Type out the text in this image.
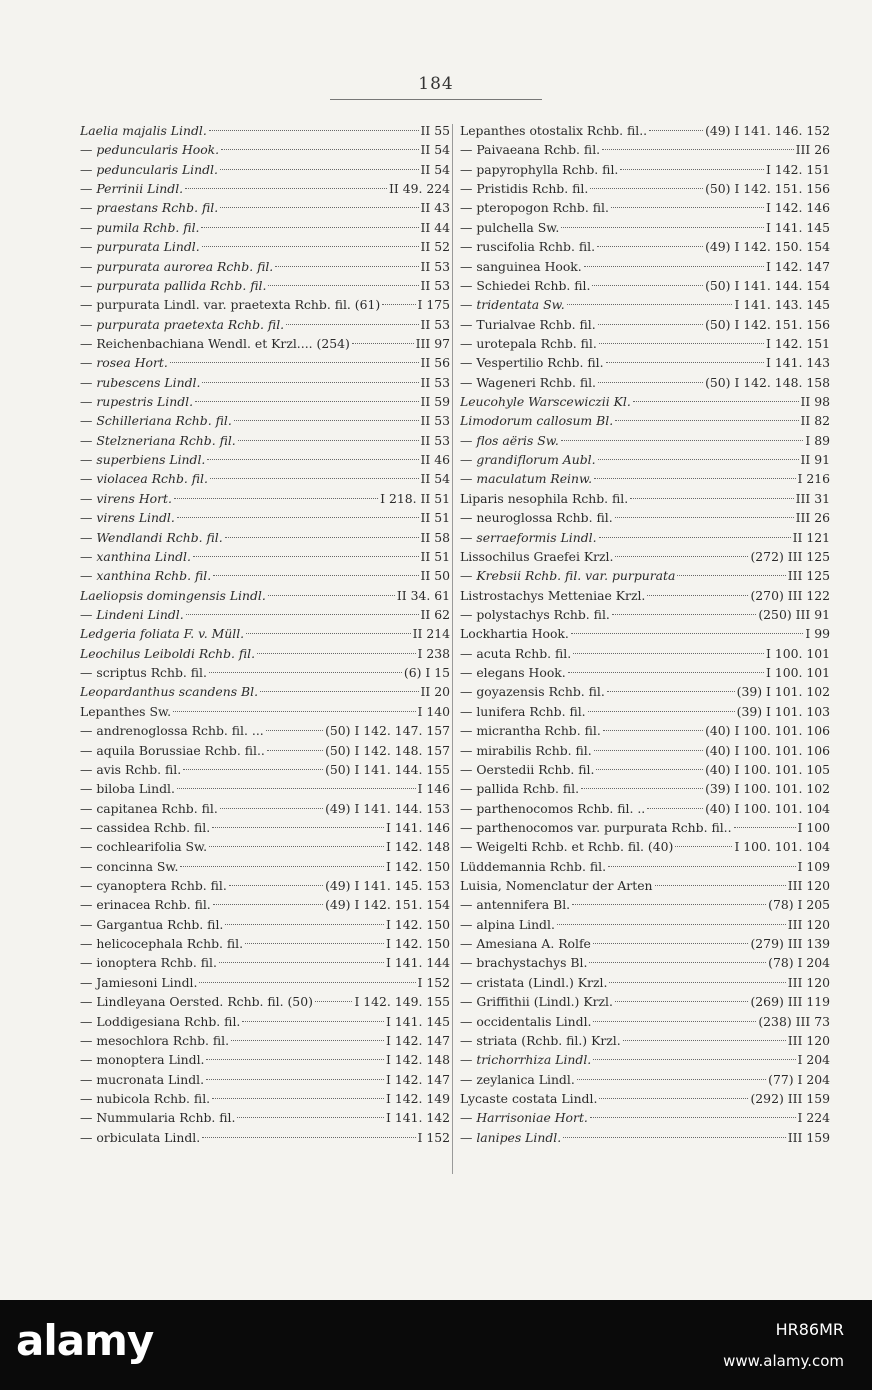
184
Laelia majalis Lindl.	II 55
— peduncularis Hook.	II 54
— peduncularis Lindl.	II 54
— Perrinii Lindl.	II 49. 224
— praestans Rchb. fil.	II 43
— pumila Rchb. fil.	II 44
— purpurata Lindl.	II 52
— purpurata aurorea Rchb. fil.	II 53
— purpurata pallida Rchb. fil.	II 53
— purpurata Lindl. var. praetexta Rchb. fil. (61)	I 175
— purpurata praetexta Rchb. fil.	II 53
— Reichenbachiana Wendl. et Krzl.... (254)	III 97
— rosea Hort.	II 56
— rubescens Lindl.	II 53
— rupestris Lindl.	II 59
— Schilleriana Rchb. fil.	II 53
— Stelzneriana Rchb. fil.	II 53
— superbiens Lindl.	II 46
— violacea Rchb. fil.	II 54
— virens Hort.	I 218. II 51
— virens Lindl.	II 51
— Wendlandi Rchb. fil.	II 58
— xanthina Lindl.	II 51
— xanthina Rchb. fil.	II 50
Laeliopsis domingensis Lindl.	II 34. 61
— Lindeni Lindl.	II 62
Ledgeria foliata F. v. Müll.	II 214
Leochilus Leiboldi Rchb. fil.	I 238
— scriptus Rchb. fil.	(6) I 15
Leopardanthus scandens Bl.	II 20
Lepanthes Sw.	I 140
— andrenoglossa Rchb. fil. ...	(50) I 142. 147. 157
— aquila Borussiae Rchb. fil..	(50) I 142. 148. 157
— avis Rchb. fil.	(50) I 141. 144. 155
— biloba Lindl.	I 146
— capitanea Rchb. fil.	(49) I 141. 144. 153
— cassidea Rchb. fil.	I 141. 146
— cochlearifolia Sw.	I 142. 148
— concinna Sw.	I 142. 150
— cyanoptera Rchb. fil.	(49) I 141. 145. 153
— erinacea Rchb. fil.	(49) I 142. 151. 154
— Gargantua Rchb. fil.	I 142. 150
— helicocephala Rchb. fil.	I 142. 150
— ionoptera Rchb. fil.	I 141. 144
— Jamiesoni Lindl.	I 152
— Lindleyana Oersted. Rchb. fil. (50)	I 142. 149. 155
— Loddigesiana Rchb. fil.	I 141. 145
— mesochlora Rchb. fil.	I 142. 147
— monoptera Lindl.	I 142. 148
— mucronata Lindl.	I 142. 147
— nubicola Rchb. fil.	I 142. 149
— Nummularia Rchb. fil.	I 141. 142
— orbiculata Lindl.	I 152
Lepanthes otostalix Rchb. fil..	(49) I 141. 146. 152
— Paivaeana Rchb. fil.	III 26
— papyrophylla Rchb. fil.	I 142. 151
— Pristidis Rchb. fil.	(50) I 142. 151. 156
— pteropogon Rchb. fil.	I 142. 146
— pulchella Sw.	I 141. 145
— ruscifolia Rchb. fil.	(49) I 142. 150. 154
— sanguinea Hook.	I 142. 147
— Schiedei Rchb. fil.	(50) I 141. 144. 154
— tridentata Sw.	I 141. 143. 145
— Turialvae Rchb. fil.	(50) I 142. 151. 156
— urotepala Rchb. fil.	I 142. 151
— Vespertilio Rchb. fil.	I 141. 143
— Wageneri Rchb. fil.	(50) I 142. 148. 158
Leucohyle Warscewiczii Kl.	II 98
Limodorum callosum Bl.	II 82
— flos aëris Sw.	I 89
— grandiflorum Aubl.	II 91
— maculatum Reinw.	I 216
Liparis nesophila Rchb. fil.	III 31
— neuroglossa Rchb. fil.	III 26
— serraeformis Lindl.	II 121
Lissochilus Graefei Krzl.	(272) III 125
— Krebsii Rchb. fil. var. purpurata	III 125
Listrostachys Metteniae Krzl.	(270) III 122
— polystachys Rchb. fil.	(250) III 91
Lockhartia Hook.	I 99
— acuta Rchb. fil.	I 100. 101
— elegans Hook.	I 100. 101
— goyazensis Rchb. fil.	(39) I 101. 102
— lunifera Rchb. fil.	(39) I 101. 103
— micrantha Rchb. fil.	(40) I 100. 101. 106
— mirabilis Rchb. fil.	(40) I 100. 101. 106
— Oerstedii Rchb. fil.	(40) I 100. 101. 105
— pallida Rchb. fil.	(39) I 100. 101. 102
— parthenocomos Rchb. fil. ..	(40) I 100. 101. 104
— parthenocomos var. purpurata Rchb. fil..	I 100
— Weigelti Rchb. et Rchb. fil. (40)	I 100. 101. 104
Lüddemannia Rchb. fil.	I 109
Luisia, Nomenclatur der Arten	III 120
— antennifera Bl.	(78) I 205
— alpina Lindl.	III 120
— Amesiana A. Rolfe	(279) III 139
— brachystachys Bl.	(78) I 204
— cristata (Lindl.) Krzl.	III 120
— Griffithii (Lindl.) Krzl.	(269) III 119
— occidentalis Lindl.	(238) III 73
— striata (Rchb. fil.) Krzl.	III 120
— trichorrhiza Lindl.	I 204
— zeylanica Lindl.	(77) I 204
Lycaste costata Lindl.	(292) III 159
— Harrisoniae Hort.	I 224
— lanipes Lindl.	III 159
alamy	HR86MR
www.alamy.com
